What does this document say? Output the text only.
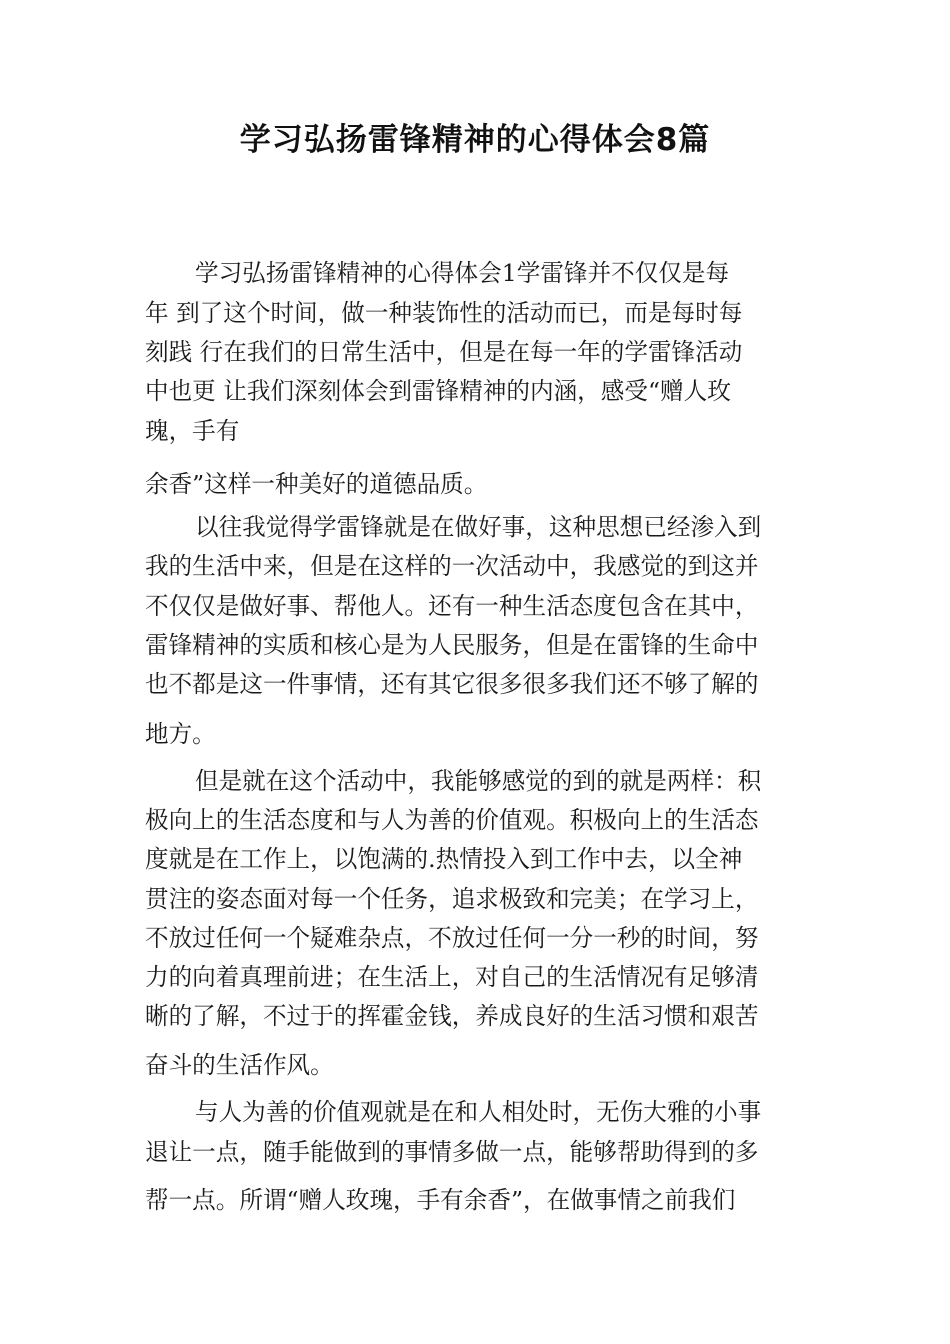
学习弘扬雷锋精神的心得体会8篇
学习弘扬雷锋精神的心得体会1学雷锋并不仅仅是每
年 到了这个时间，做一种装饰性的活动而已，而是每时每
刻践 行在我们的日常生活中，但是在每一年的学雷锋活动
中也更 让我们深刻体会到雷锋精神的内涵，感受“赠人玫
瑰，手有
余香”这样一种美好的道德品质。
以往我觉得学雷锋就是在做好事，这种思想已经渗入到
我的生活中来，但是在这样的一次活动中，我感觉的到这并
不仅仅是做好事、帮他人。还有一种生活态度包含在其中，
雷锋精神的实质和核心是为人民服务，但是在雷锋的生命中
也不都是这一件事情，还有其它很多很多我们还不够了解的
地方。
但是就在这个活动中，我能够感觉的到的就是两样：积
极向上的生活态度和与人为善的价值观。积极向上的生活态
度就是在工作上，以饱满的.热情投入到工作中去，以全神
贯注的姿态面对每一个任务，追求极致和完美；在学习上，
不放过任何一个疑难杂点，不放过任何一分一秒的时间，努
力的向着真理前进；在生活上，对自己的生活情况有足够清
晰的了解，不过于的挥霍金钱，养成良好的生活习惯和艰苦
奋斗的生活作风。
与人为善的价值观就是在和人相处时，无伤大雅的小事
退让一点，随手能做到的事情多做一点，能够帮助得到的多
帮一点。所谓“赠人玫瑰，手有余香”，在做事情之前我们
